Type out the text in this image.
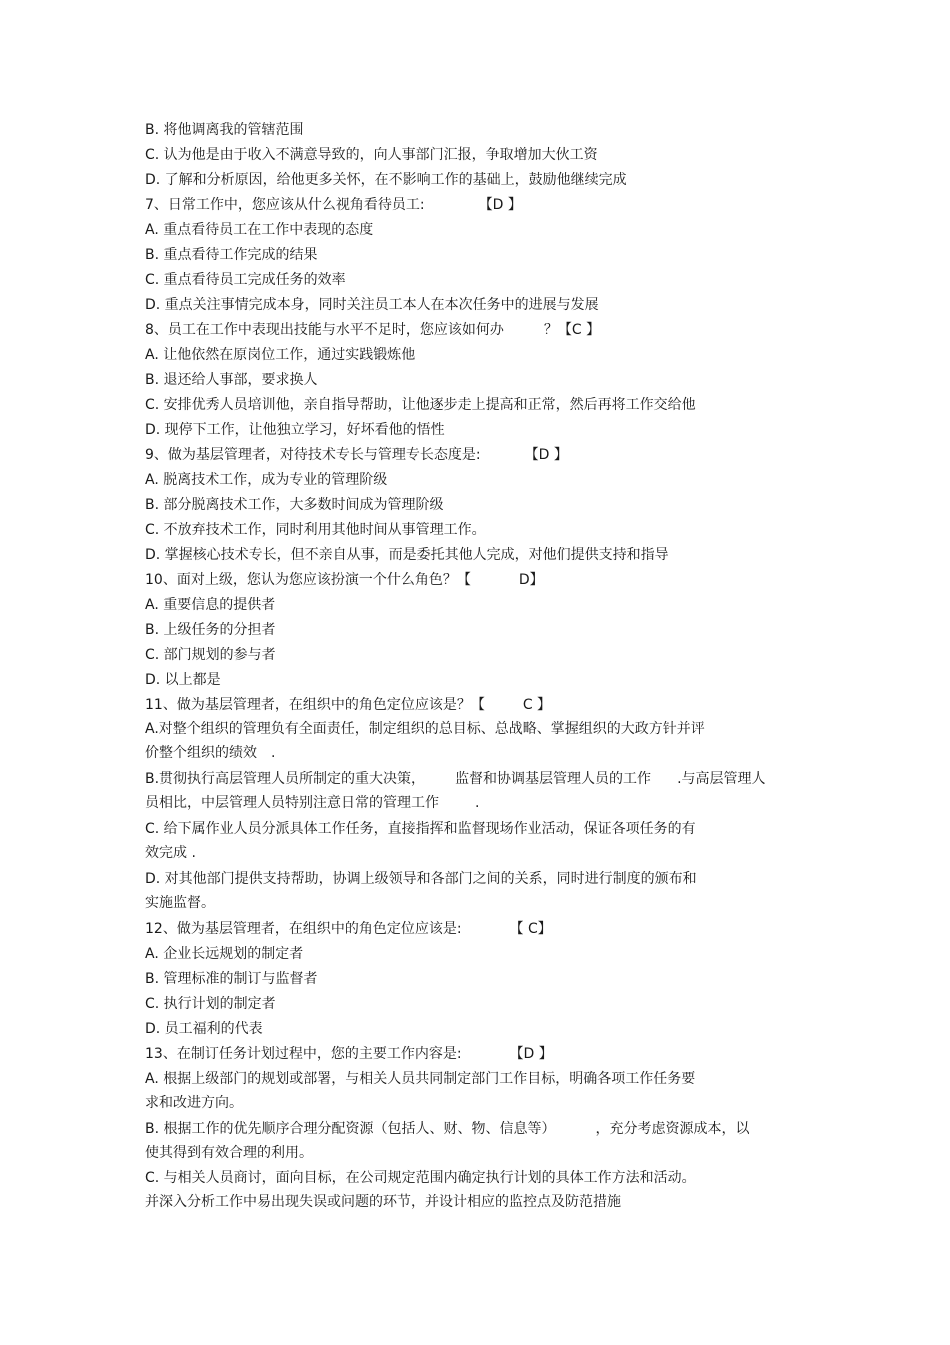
B. 将他调离我的管辖范围
C. 认为他是由于收入不满意导致的，向人事部门汇报，争取增加大伙工资
D. 了解和分析原因，给他更多关怀，在不影响工作的基础上，鼓励他继续完成
7、日常工作中，您应该从什么视角看待员工:	【D 】
A. 重点看待员工在工作中表现的态度
B. 重点看待工作完成的结果
C. 重点看待员工完成任务的效率
D. 重点关注事情完成本身，同时关注员工本人在本次任务中的进展与发展
8、员工在工作中表现出技能与水平不足时，您应该如何办	？【C 】
A. 让他依然在原岗位工作，通过实践锻炼他
B. 退还给人事部，要求换人
C. 安排优秀人员培训他，亲自指导帮助，让他逐步走上提高和正常，然后再将工作交给他
D. 现停下工作，让他独立学习，好坏看他的悟性
9、做为基层管理者，对待技术专长与管理专长态度是:	【D 】
A. 脱离技术工作，成为专业的管理阶级
B. 部分脱离技术工作，大多数时间成为管理阶级
C. 不放弃技术工作，同时利用其他时间从事管理工作。
D. 掌握核心技术专长，但不亲自从事，而是委托其他人完成，对他们提供支持和指导
10、面对上级，您认为您应该扮演一个什么角色？【	D】
A. 重要信息的提供者
B. 上级任务的分担者
C. 部门规划的参与者
D. 以上都是
11、做为基层管理者，在组织中的角色定位应该是？【	C 】
A.对整个组织的管理负有全面责任，制定组织的总目标、总战略、掌握组织的大政方针并评
价整个组织的绩效 .
B.贯彻执行高层管理人员所制定的重大决策， 监督和协调基层管理人员的工作 .与高层管理人
员相比，中层管理人员特别注意日常的管理工作	.
C. 给下属作业人员分派具体工作任务，直接指挥和监督现场作业活动，保证各项任务的有
效完成 .
D. 对其他部门提供支持帮助，协调上级领导和各部门之间的关系，同时进行制度的颁布和
实施监督。
12、做为基层管理者，在组织中的角色定位应该是:	【 C】
A. 企业长远规划的制定者
B. 管理标准的制订与监督者
C. 执行计划的制定者
D. 员工福利的代表
13、在制订任务计划过程中，您的主要工作内容是:	【D 】
A. 根据上级部门的规划或部署，与相关人员共同制定部门工作目标，明确各项工作任务要
求和改进方向。
B. 根据工作的优先顺序合理分配资源（包括人、财、物、信息等）	，充分考虑资源成本，以
使其得到有效合理的利用。
C. 与相关人员商讨，面向目标，在公司规定范围内确定执行计划的具体工作方法和活动。
并深入分析工作中易出现失误或问题的环节，并设计相应的监控点及防范措施
